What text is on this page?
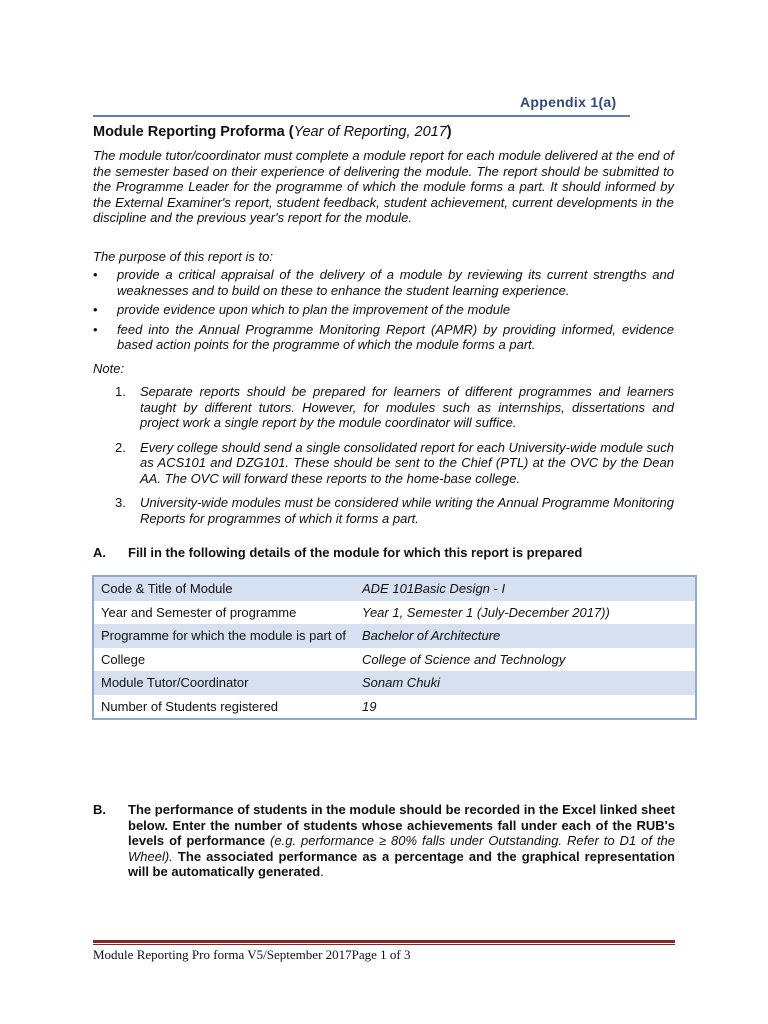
Appendix 1(a)
Module Reporting Proforma (Year of Reporting, 2017)
The module tutor/coordinator must complete a module report for each module delivered at the end of the semester based on their experience of delivering the module. The report should be submitted to the Programme Leader for the programme of which the module forms a part. It should informed by the External Examiner's report, student feedback, student achievement, current developments in the discipline and the previous year's report for the module.
The purpose of this report is to:
• provide a critical appraisal of the delivery of a module by reviewing its current strengths and weaknesses and to build on these to enhance the student learning experience.
• provide evidence upon which to plan the improvement of the module
• feed into the Annual Programme Monitoring Report (APMR) by providing informed, evidence based action points for the programme of which the module forms a part.
Note:
1. Separate reports should be prepared for learners of different programmes and learners taught by different tutors. However, for modules such as internships, dissertations and project work a single report by the module coordinator will suffice.
2. Every college should send a single consolidated report for each University-wide module such as ACS101 and DZG101. These should be sent to the Chief (PTL) at the OVC by the Dean AA. The OVC will forward these reports to the home-base college.
3. University-wide modules must be considered while writing the Annual Programme Monitoring Reports for programmes of which it forms a part.
A. Fill in the following details of the module for which this report is prepared
Code & Title of Module	ADE 101Basic Design - I
Year and Semester of programme	Year 1, Semester 1 (July-December 2017))
Programme for which the module is part of	Bachelor of Architecture
College	College of Science and Technology
Module Tutor/Coordinator	Sonam Chuki
Number of Students registered	19
B. The performance of students in the module should be recorded in the Excel linked sheet below. Enter the number of students whose achievements fall under each of the RUB's levels of performance (e.g. performance ≥ 80% falls under Outstanding. Refer to D1 of the Wheel). The associated performance as a percentage and the graphical representation will be automatically generated.
Module Reporting Pro forma V5/September 2017Page 1 of 3
